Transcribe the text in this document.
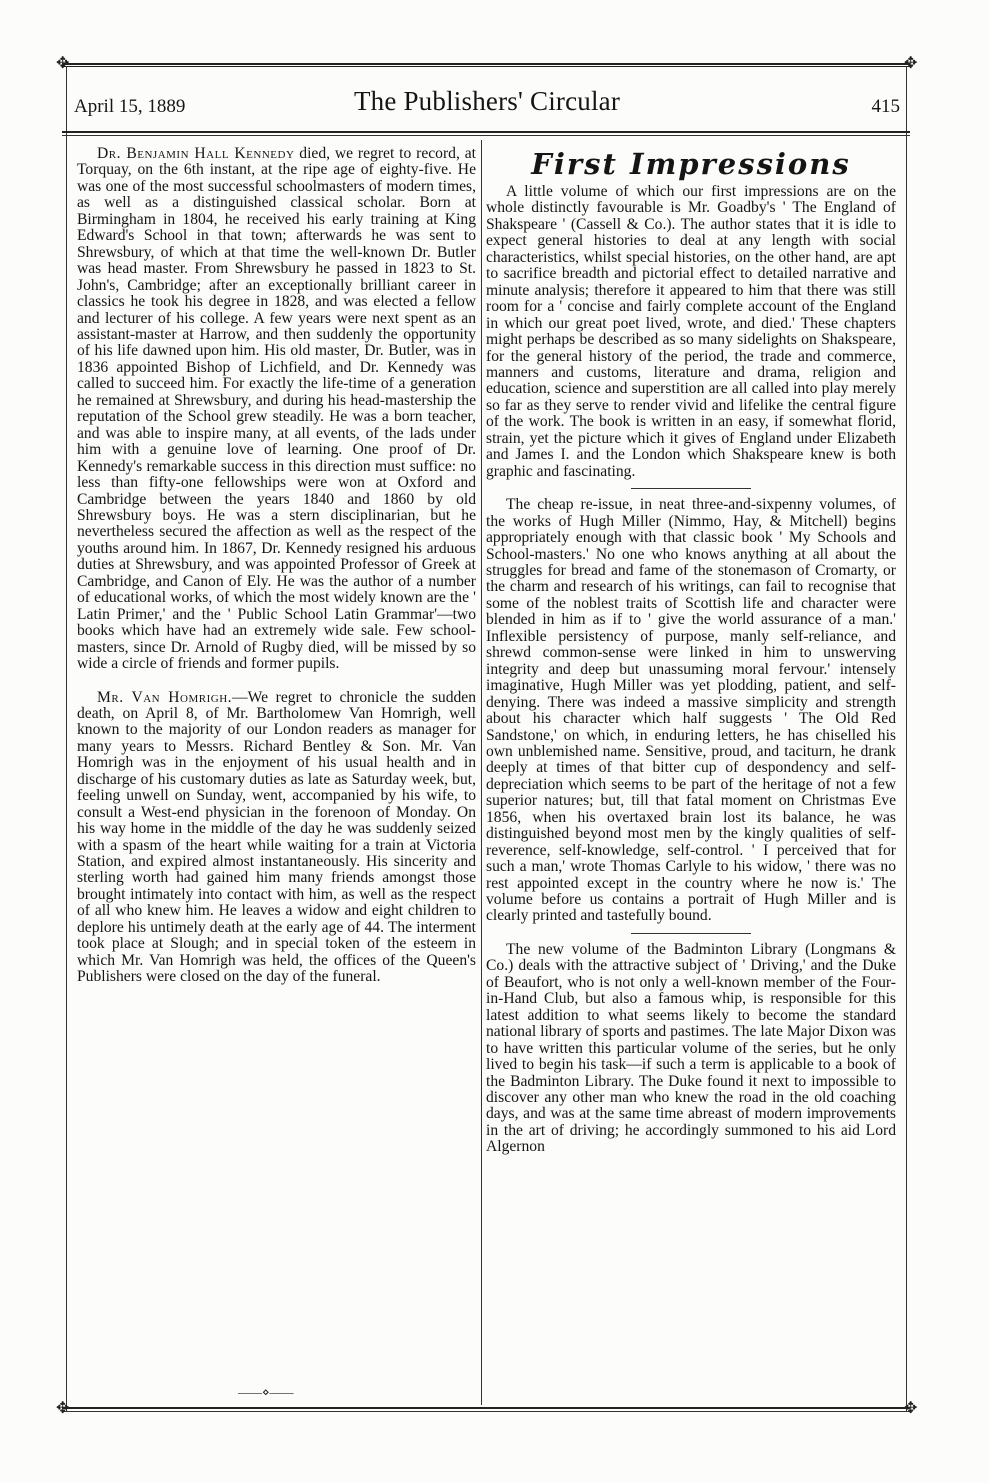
✥	✥
April 15, 1889	The Publishers' Circular	415

Dr. Benjamin Hall Kennedy died, we regret to record, at Torquay, on the 6th instant, at the ripe age of eighty-five. He was one of the most successful schoolmasters of modern times, as well as a distinguished classical scholar. Born at Birmingham in 1804, he received his early training at King Edward's School in that town; afterwards he was sent to Shrewsbury, of which at that time the well-known Dr. Butler was head master. From Shrewsbury he passed in 1823 to St. John's, Cambridge; after an exceptionally brilliant career in classics he took his degree in 1828, and was elected a fellow and lecturer of his college. A few years were next spent as an assistant-master at Harrow, and then suddenly the opportunity of his life dawned upon him. His old master, Dr. Butler, was in 1836 appointed Bishop of Lichfield, and Dr. Kennedy was called to succeed him. For exactly the life-time of a generation he remained at Shrewsbury, and during his head-mastership the reputation of the School grew steadily. He was a born teacher, and was able to inspire many, at all events, of the lads under him with a genuine love of learning. One proof of Dr. Kennedy's remarkable success in this direction must suffice: no less than fifty-one fellowships were won at Oxford and Cambridge between the years 1840 and 1860 by old Shrewsbury boys. He was a stern disciplinarian, but he nevertheless secured the affection as well as the respect of the youths around him. In 1867, Dr. Kennedy resigned his arduous duties at Shrewsbury, and was appointed Professor of Greek at Cambridge, and Canon of Ely. He was the author of a number of educational works, of which the most widely known are the ' Latin Primer,' and the ' Public School Latin Grammar'—two books which have had an extremely wide sale. Few school-masters, since Dr. Arnold of Rugby died, will be missed by so wide a circle of friends and former pupils.

Mr. Van Homrigh.—We regret to chronicle the sudden death, on April 8, of Mr. Bartholomew Van Homrigh, well known to the majority of our London readers as manager for many years to Messrs. Richard Bentley & Son. Mr. Van Homrigh was in the enjoyment of his usual health and in discharge of his customary duties as late as Saturday week, but, feeling unwell on Sunday, went, accompanied by his wife, to consult a West-end physician in the forenoon of Monday. On his way home in the middle of the day he was suddenly seized with a spasm of the heart while waiting for a train at Victoria Station, and expired almost instantaneously. His sincerity and sterling worth had gained him many friends amongst those brought intimately into contact with him, as well as the respect of all who knew him. He leaves a widow and eight children to deplore his untimely death at the early age of 44. The interment took place at Slough; and in special token of the esteem in which Mr. Van Homrigh was held, the offices of the Queen's Publishers were closed on the day of the funeral.

——⋄——
First Impressions

A little volume of which our first impressions are on the whole distinctly favourable is Mr. Goadby's ' The England of Shakspeare ' (Cassell & Co.). The author states that it is idle to expect general histories to deal at any length with social characteristics, whilst special histories, on the other hand, are apt to sacrifice breadth and pictorial effect to detailed narrative and minute analysis; therefore it appeared to him that there was still room for a ' concise and fairly complete account of the England in which our great poet lived, wrote, and died.' These chapters might perhaps be described as so many sidelights on Shakspeare, for the general history of the period, the trade and commerce, manners and customs, literature and drama, religion and education, science and superstition are all called into play merely so far as they serve to render vivid and lifelike the central figure of the work. The book is written in an easy, if somewhat florid, strain, yet the picture which it gives of England under Elizabeth and James I. and the London which Shakspeare knew is both graphic and fascinating.

The cheap re-issue, in neat three-and-sixpenny volumes, of the works of Hugh Miller (Nimmo, Hay, & Mitchell) begins appropriately enough with that classic book ' My Schools and School-masters.' No one who knows anything at all about the struggles for bread and fame of the stonemason of Cromarty, or the charm and research of his writings, can fail to recognise that some of the noblest traits of Scottish life and character were blended in him as if to ' give the world assurance of a man.' Inflexible persistency of purpose, manly self-reliance, and shrewd common-sense were linked in him to unswerving integrity and deep but unassuming moral fervour.' intensely imaginative, Hugh Miller was yet plodding, patient, and self-denying. There was indeed a massive simplicity and strength about his character which half suggests ' The Old Red Sandstone,' on which, in enduring letters, he has chiselled his own unblemished name. Sensitive, proud, and taciturn, he drank deeply at times of that bitter cup of despondency and self-depreciation which seems to be part of the heritage of not a few superior natures; but, till that fatal moment on Christmas Eve 1856, when his overtaxed brain lost its balance, he was distinguished beyond most men by the kingly qualities of self-reverence, self-knowledge, self-control. ' I perceived that for such a man,' wrote Thomas Carlyle to his widow, ' there was no rest appointed except in the country where he now is.' The volume before us contains a portrait of Hugh Miller and is clearly printed and tastefully bound.

The new volume of the Badminton Library (Longmans & Co.) deals with the attractive subject of ' Driving,' and the Duke of Beaufort, who is not only a well-known member of the Four-in-Hand Club, but also a famous whip, is responsible for this latest addition to what seems likely to become the standard national library of sports and pastimes. The late Major Dixon was to have written this particular volume of the series, but he only lived to begin his task—if such a term is applicable to a book of the Badminton Library. The Duke found it next to impossible to discover any other man who knew the road in the old coaching days, and was at the same time abreast of modern improvements in the art of driving; he accordingly summoned to his aid Lord Algernon

✥	✥
